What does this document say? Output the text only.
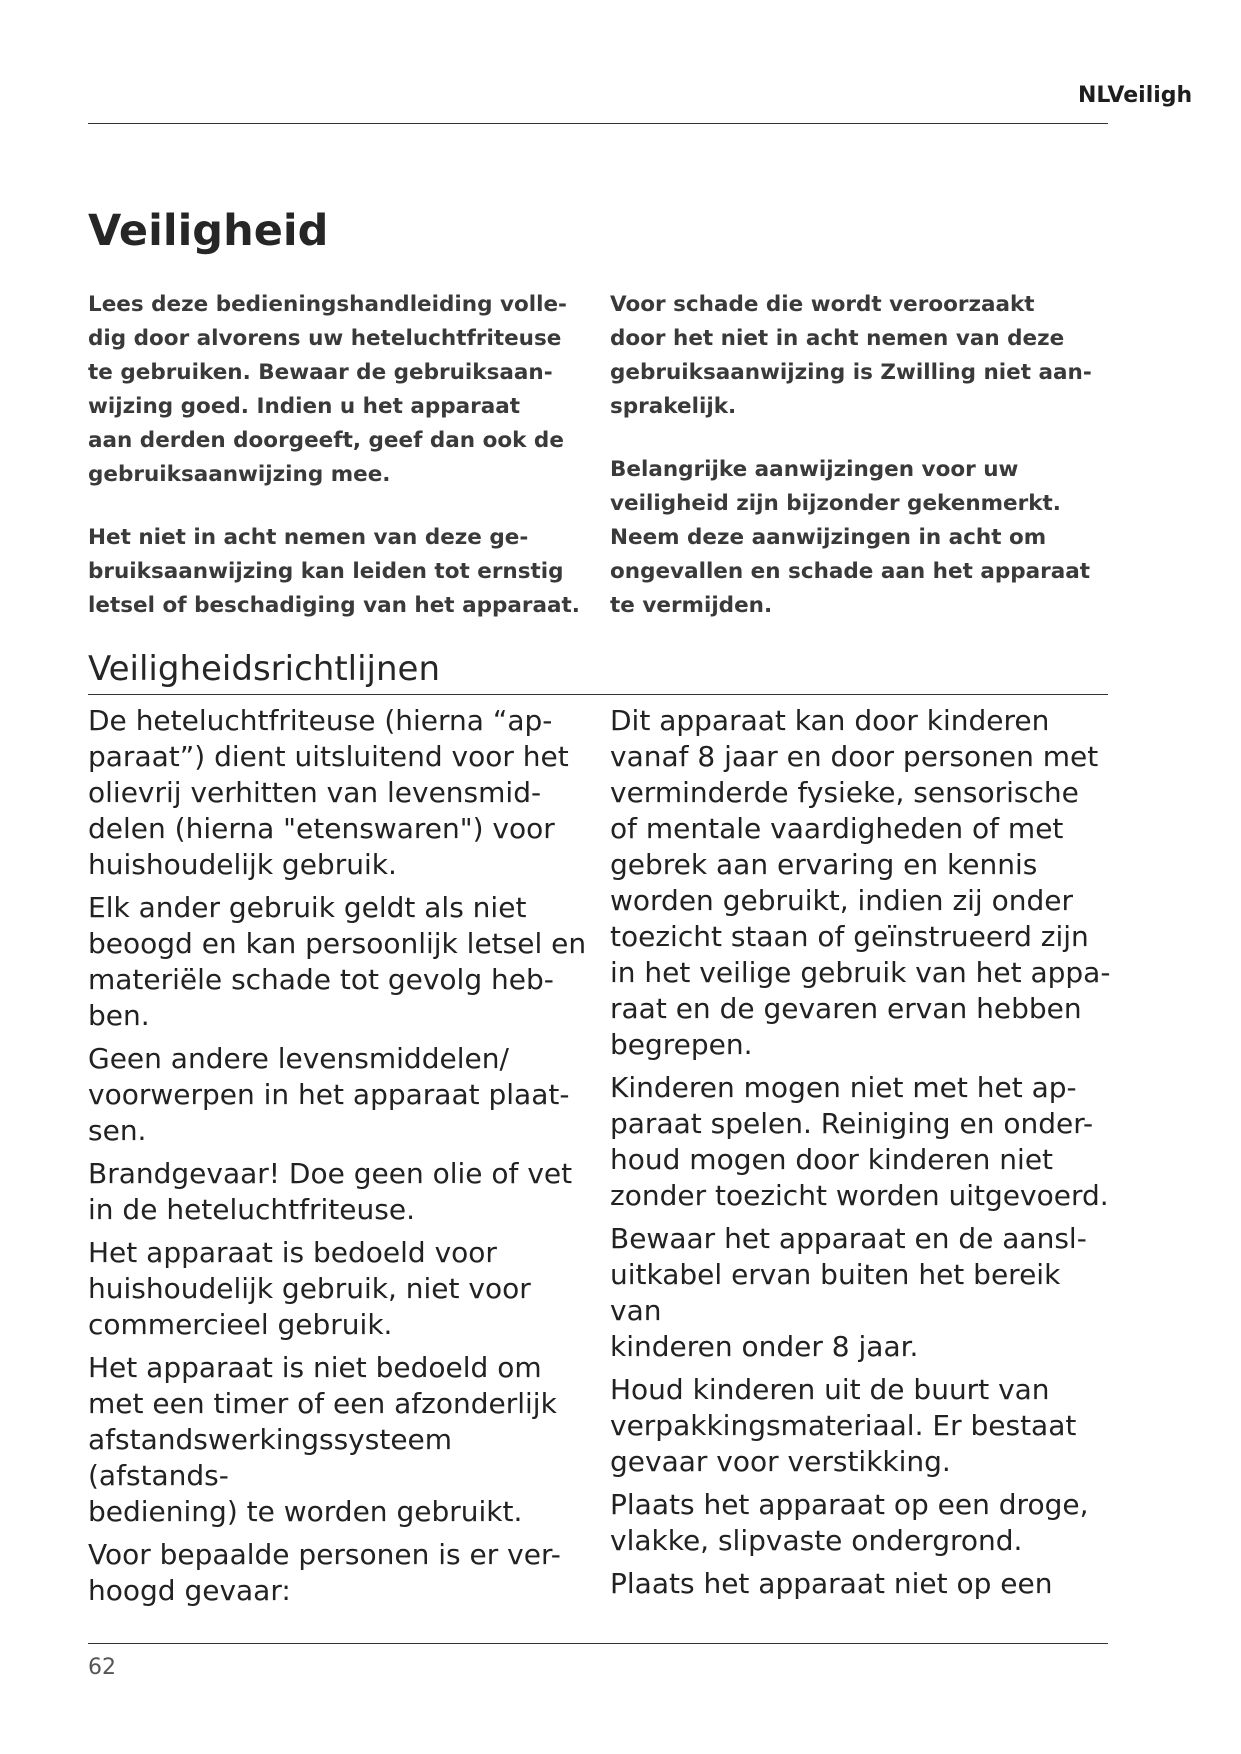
NLVeiligh
Veiligheid

Lees deze bedieningshandleiding volle-
dig door alvorens uw heteluchtfriteuse
te gebruiken. Bewaar de gebruiksaan-
wijzing goed. Indien u het apparaat
aan derden doorgeeft, geef dan ook de
gebruiksaanwijzing mee.

Het niet in acht nemen van deze ge-
bruiksaanwijzing kan leiden tot ernstig
letsel of beschadiging van het apparaat.

Voor schade die wordt veroorzaakt
door het niet in acht nemen van deze
gebruiksaanwijzing is Zwilling niet aan-
sprakelijk.

Belangrijke aanwijzingen voor uw
veiligheid zijn bijzonder gekenmerkt.
Neem deze aanwijzingen in acht om
ongevallen en schade aan het apparaat
te vermijden.

Veiligheidsrichtlijnen

De heteluchtfriteuse (hierna “ap-
paraat”) dient uitsluitend voor het
olievrij verhitten van levensmid-
delen (hierna "etenswaren") voor
huishoudelijk gebruik.

Elk ander gebruik geldt als niet
beoogd en kan persoonlijk letsel en
materiële schade tot gevolg heb-
ben.

Geen andere levensmiddelen/
voorwerpen in het apparaat plaat-
sen.

Brandgevaar! Doe geen olie of vet
in de heteluchtfriteuse.

Het apparaat is bedoeld voor
huishoudelijk gebruik, niet voor
commercieel gebruik.

Het apparaat is niet bedoeld om
met een timer of een afzonderlijk
afstandswerkingssysteem (afstands-
bediening) te worden gebruikt.

Voor bepaalde personen is er ver-
hoogd gevaar:

Dit apparaat kan door kinderen
vanaf 8 jaar en door personen met
verminderde fysieke, sensorische
of mentale vaardigheden of met
gebrek aan ervaring en kennis
worden gebruikt, indien zij onder
toezicht staan of geïnstrueerd zijn
in het veilige gebruik van het appa-
raat en de gevaren ervan hebben
begrepen.

Kinderen mogen niet met het ap-
paraat spelen. Reiniging en onder-
houd mogen door kinderen niet
zonder toezicht worden uitgevoerd.

Bewaar het apparaat en de aansl-
uitkabel ervan buiten het bereik van
kinderen onder 8 jaar.

Houd kinderen uit de buurt van
verpakkingsmateriaal. Er bestaat
gevaar voor verstikking.

Plaats het apparaat op een droge,
vlakke, slipvaste ondergrond.

Plaats het apparaat niet op een

62
